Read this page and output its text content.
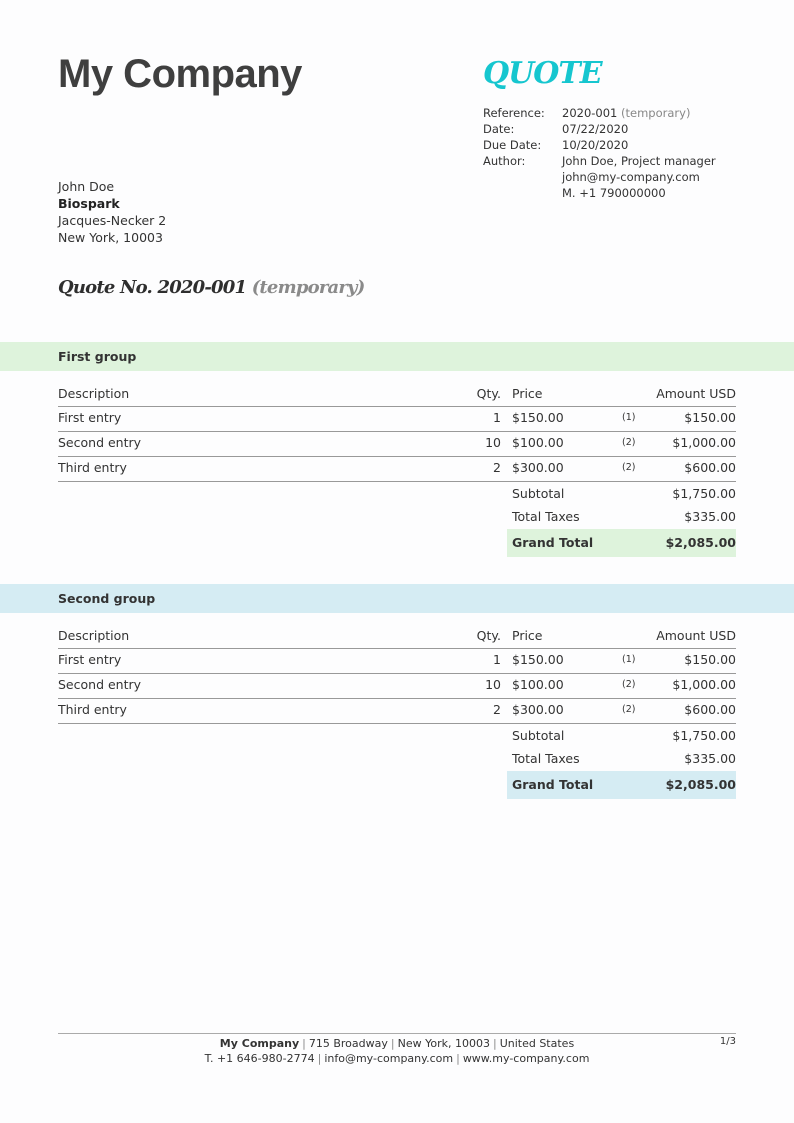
My Company	QUOTE
Reference:	2020-001
(temporary)
Date:	07/22/2020
Due Date:	10/20/2020
Author:	John Doe, Project manager
john@my-company.com
M. +1 790000000
John Doe
Biospark
Jacques-Necker 2
New York, 10003
Quote No. 2020-001 (temporary)
First group
Description	Qty. Price	Amount USD
First entry	1 $150.00	(1)	$150.00
Second entry	10 $100.00	(2)	$1,000.00
Third entry	2 $300.00	(2)	$600.00
Subtotal	$1,750.00
Total Taxes	$335.00
Grand Total	$2,085.00
Second group
Description	Qty. Price	Amount USD
First entry	1 $150.00	(1)	$150.00
Second entry	10 $100.00	(2)	$1,000.00
Third entry	2 $300.00	(2)	$600.00
Subtotal	$1,750.00
Total Taxes	$335.00
Grand Total	$2,085.00
My Company | 715 Broadway | New York, 10003 | United States
T. +1 646-980-2774 | info@my-company.com | www.my-company.com
1/3
